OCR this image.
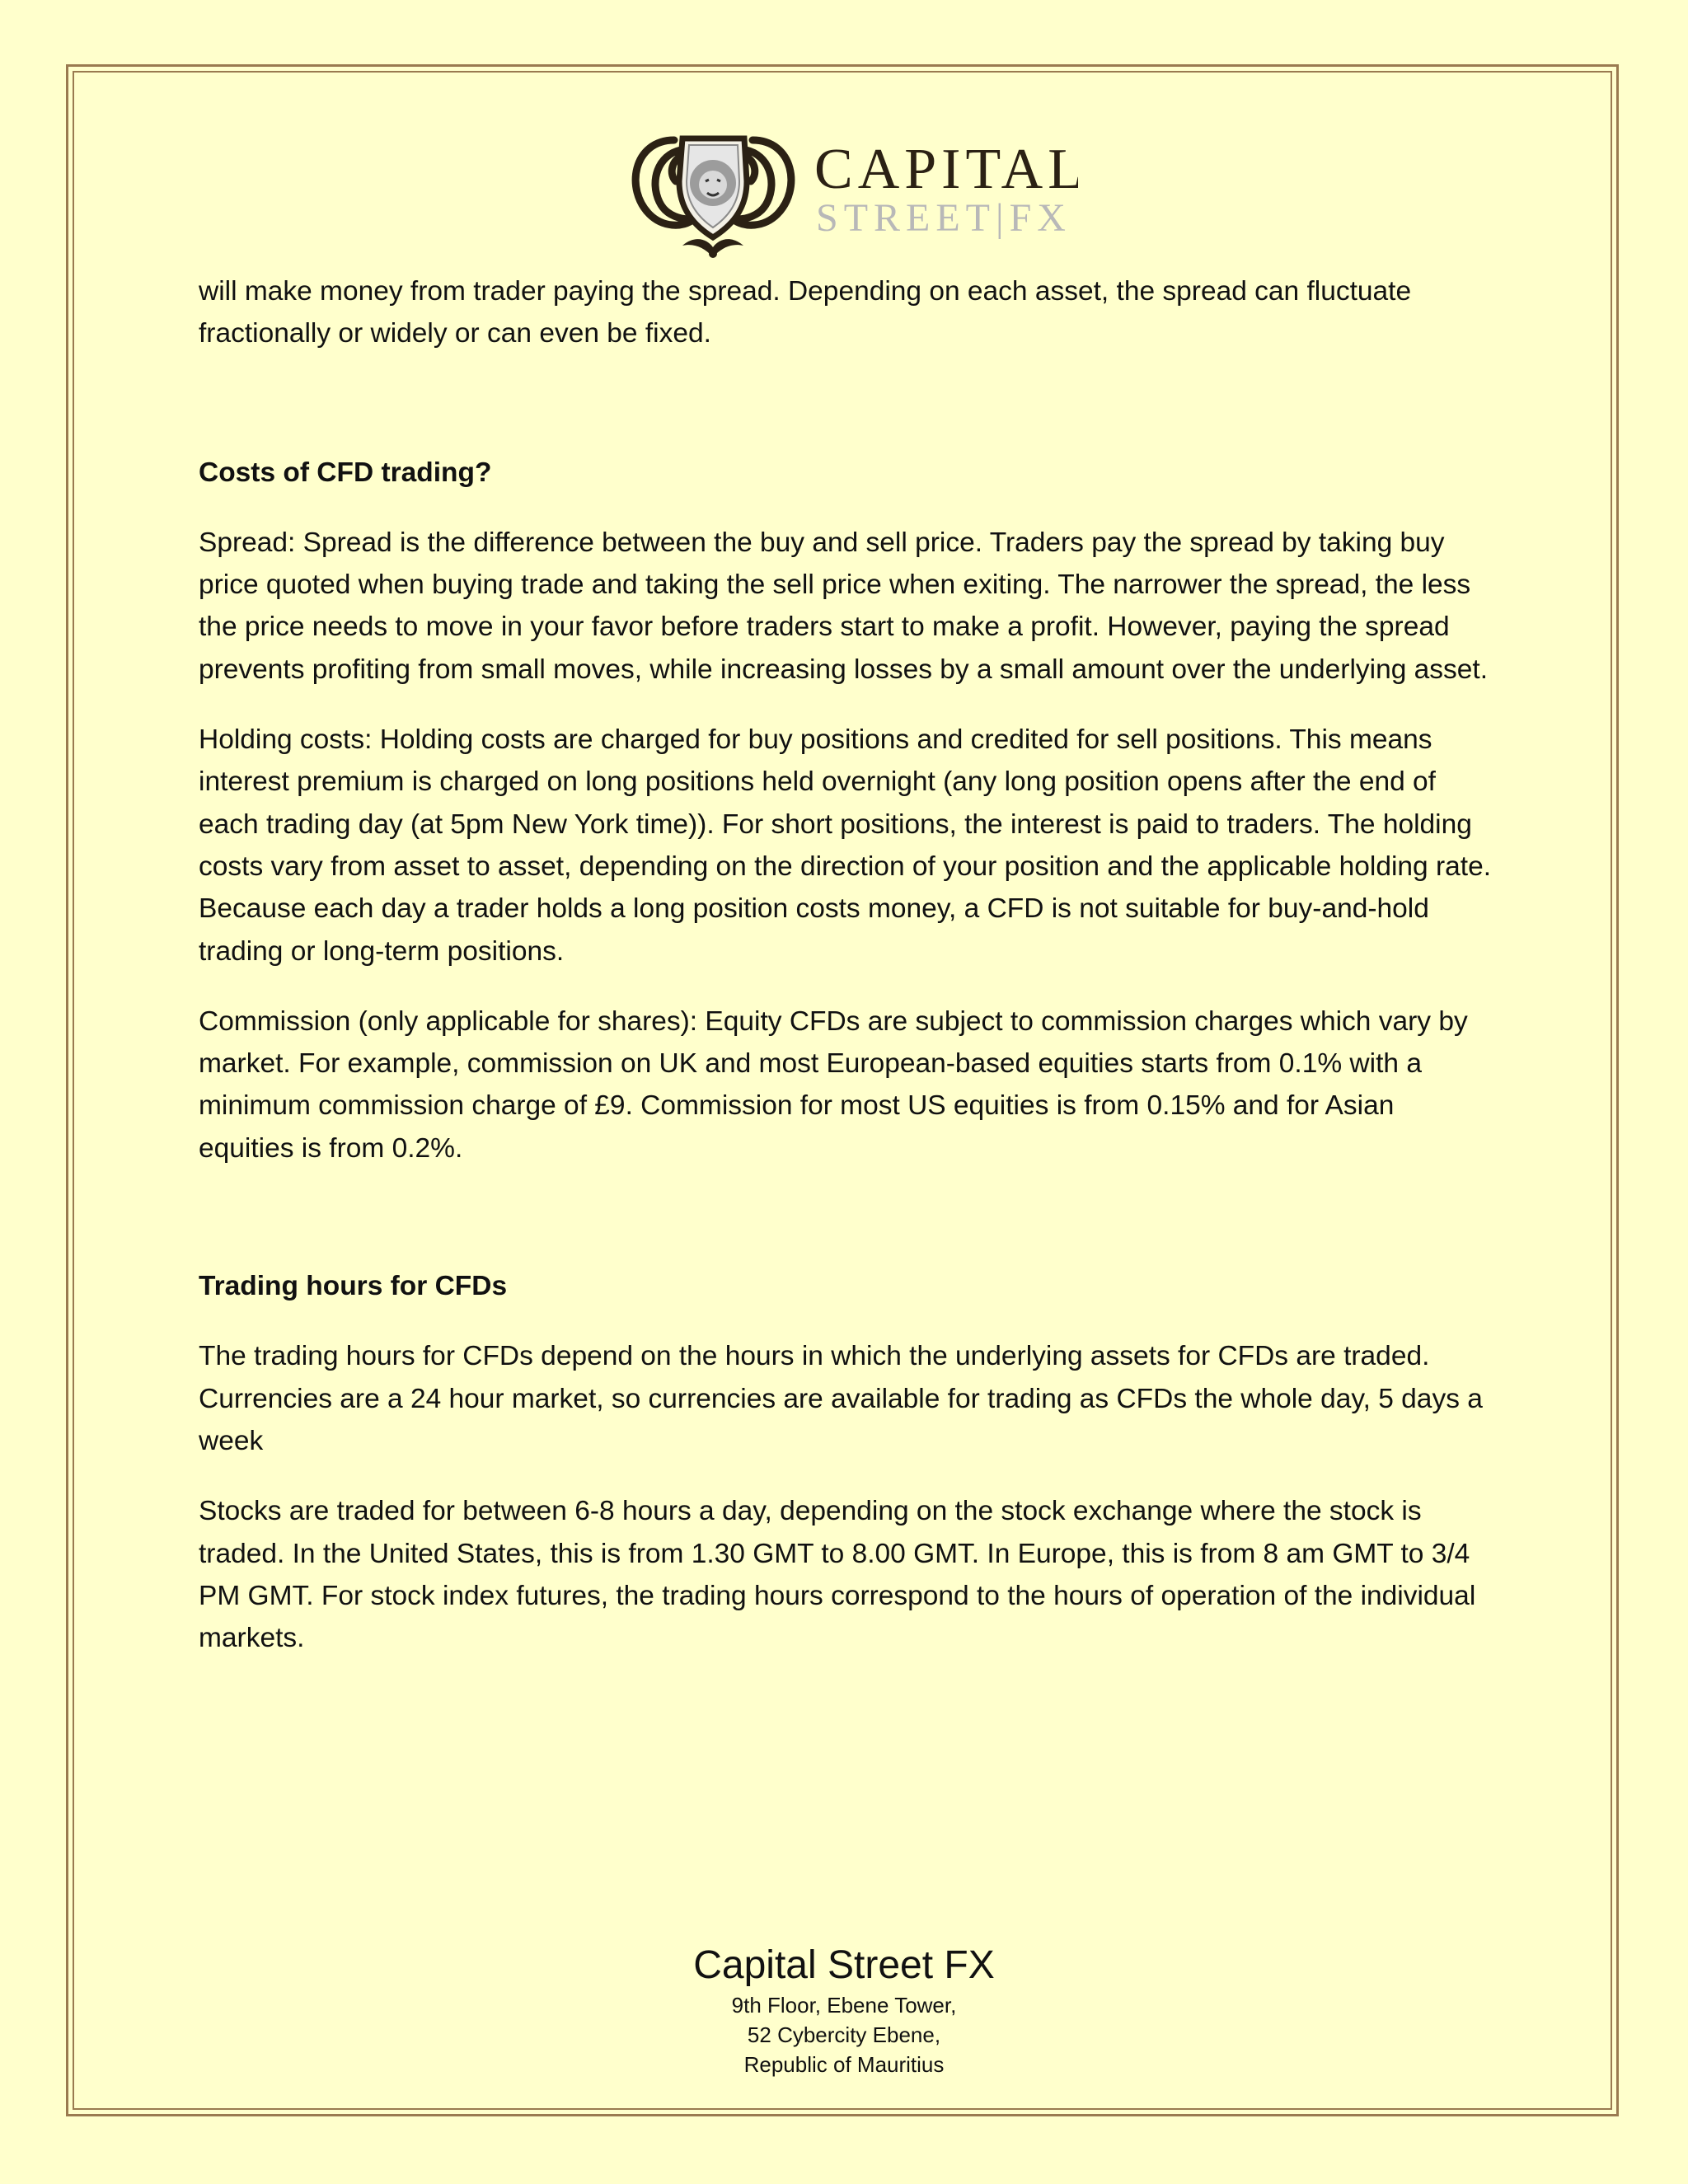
CAPITAL
STREET|FX

will make money from trader paying the spread. Depending on each asset, the spread can fluctuate fractionally or widely or can even be fixed.

Costs of CFD trading?

Spread: Spread is the difference between the buy and sell price. Traders pay the spread by taking buy price quoted when buying trade and taking the sell price when exiting. The narrower the spread, the less the price needs to move in your favor before traders start to make a profit. However, paying the spread prevents profiting from small moves, while increasing losses by a small amount over the underlying asset.

Holding costs: Holding costs are charged for buy positions and credited for sell positions. This means interest premium is charged on long positions held overnight (any long position opens after the end of each trading day (at 5pm New York time)). For short positions, the interest is paid to traders. The holding costs vary from asset to asset, depending on the direction of your position and the applicable holding rate. Because each day a trader holds a long position costs money, a CFD is not suitable for buy-and-hold trading or long-term positions.

Commission (only applicable for shares): Equity CFDs are subject to commission charges which vary by market. For example, commission on UK and most European-based equities starts from 0.1% with a minimum commission charge of £9. Commission for most US equities is from 0.15% and for Asian equities is from 0.2%.

Trading hours for CFDs

The trading hours for CFDs depend on the hours in which the underlying assets for CFDs are traded. Currencies are a 24 hour market, so currencies are available for trading as CFDs the whole day, 5 days a week

Stocks are traded for between 6-8 hours a day, depending on the stock exchange where the stock is traded. In the United States, this is from 1.30 GMT to 8.00 GMT. In Europe, this is from 8 am GMT to 3/4 PM GMT. For stock index futures, the trading hours correspond to the hours of operation of the individual markets.

Capital Street FX
9th Floor, Ebene Tower,
52 Cybercity Ebene,
Republic of Mauritius
